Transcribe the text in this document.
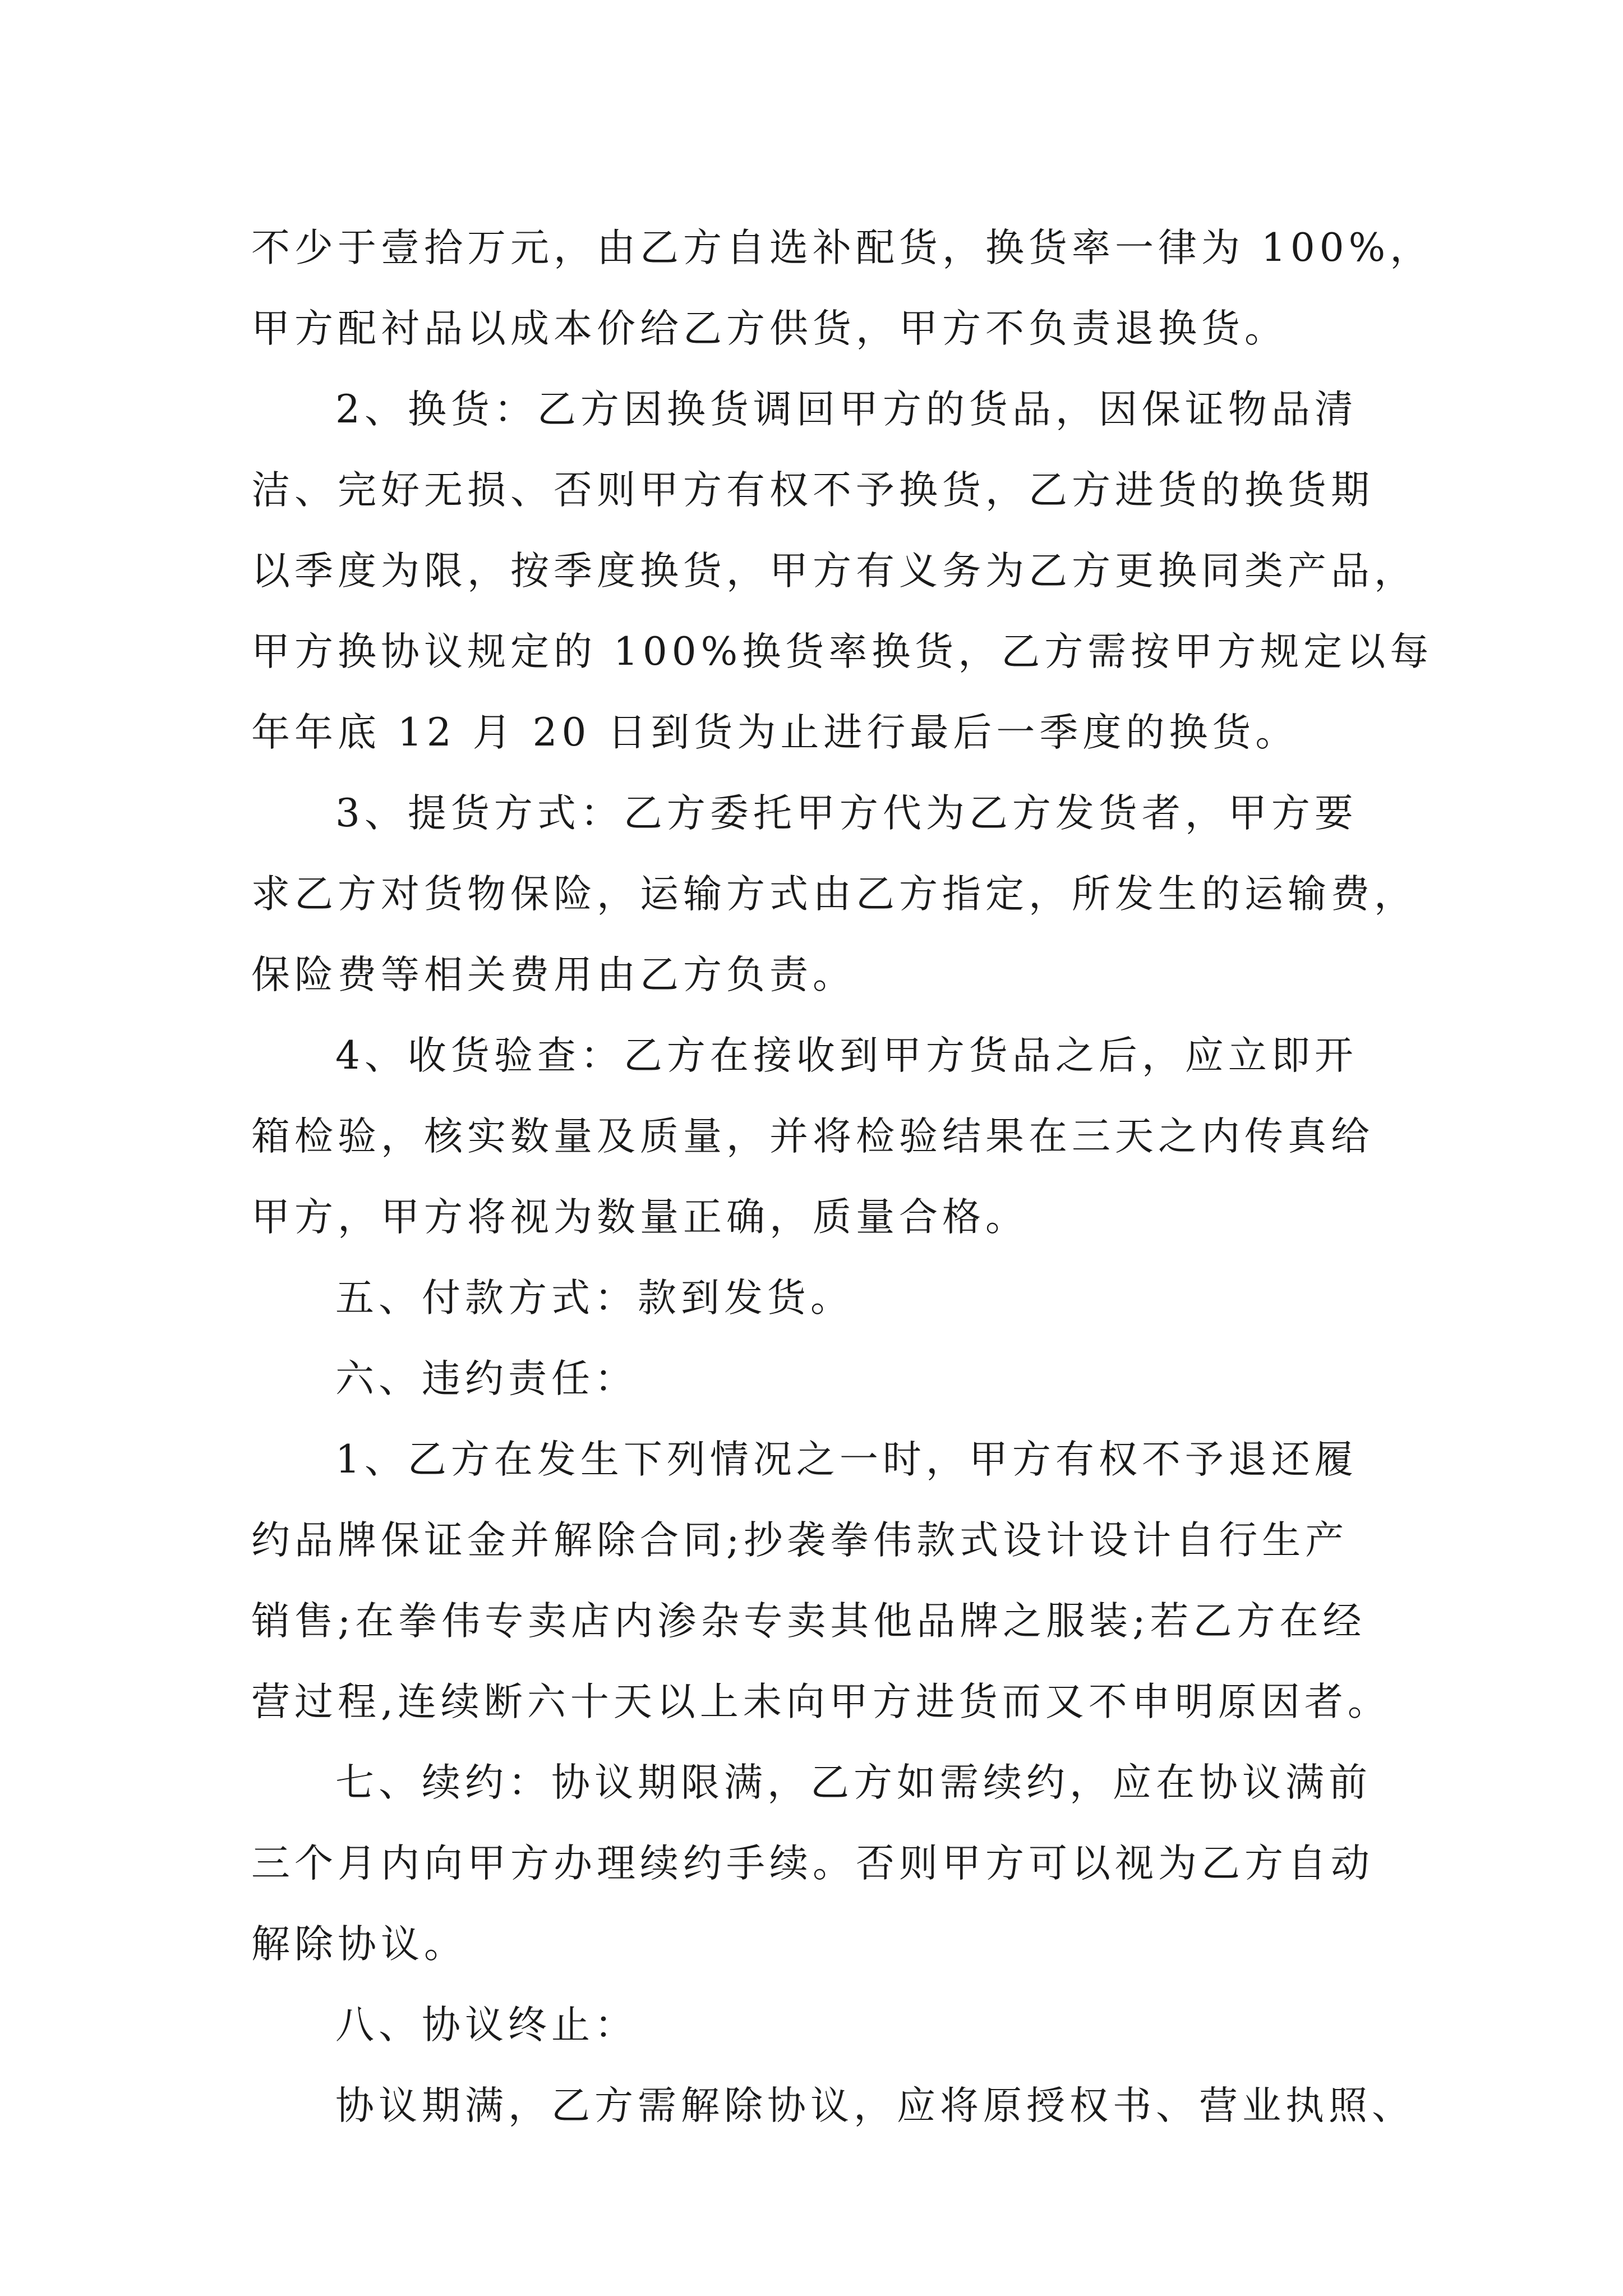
不少于壹拾万元，由乙方自选补配货，换货率一律为 100%，
甲方配衬品以成本价给乙方供货，甲方不负责退换货。
2、换货：乙方因换货调回甲方的货品，因保证物品清
洁、完好无损、否则甲方有权不予换货，乙方进货的换货期
以季度为限，按季度换货，甲方有义务为乙方更换同类产品，
甲方换协议规定的 100%换货率换货，乙方需按甲方规定以每
年年底 12 月 20 日到货为止进行最后一季度的换货。
3、提货方式：乙方委托甲方代为乙方发货者，甲方要
求乙方对货物保险，运输方式由乙方指定，所发生的运输费，
保险费等相关费用由乙方负责。
4、收货验查：乙方在接收到甲方货品之后，应立即开
箱检验，核实数量及质量，并将检验结果在三天之内传真给
甲方，甲方将视为数量正确，质量合格。
五、付款方式：款到发货。
六、违约责任：
1、乙方在发生下列情况之一时，甲方有权不予退还履
约品牌保证金并解除合同;抄袭拳伟款式设计设计自行生产
销售;在拳伟专卖店内渗杂专卖其他品牌之服装;若乙方在经
营过程,连续断六十天以上未向甲方进货而又不申明原因者。
七、续约：协议期限满，乙方如需续约，应在协议满前
三个月内向甲方办理续约手续。否则甲方可以视为乙方自动
解除协议。
八、协议终止：
协议期满，乙方需解除协议，应将原授权书、营业执照、
